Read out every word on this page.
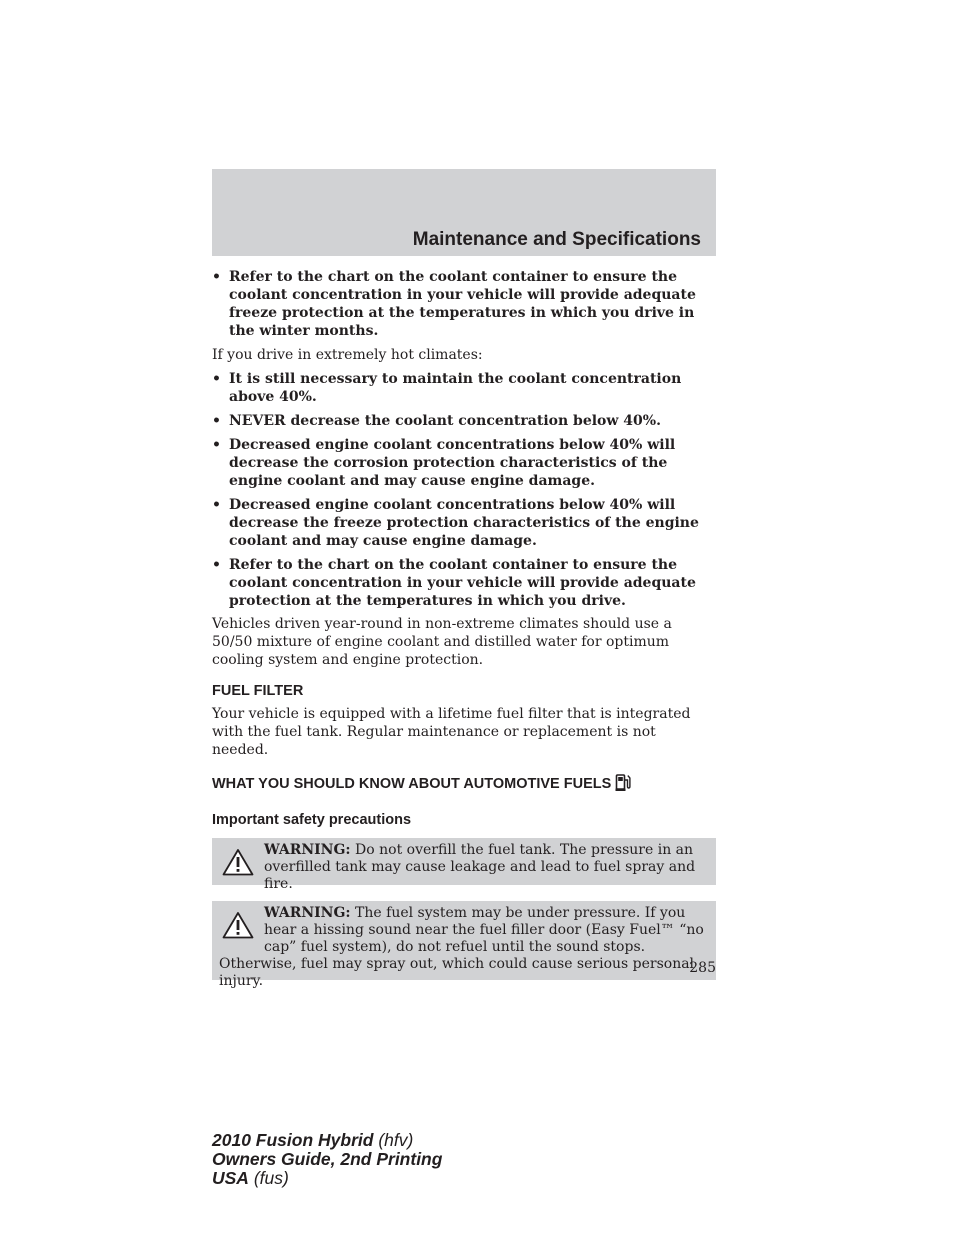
Maintenance and Specifications
• Refer to the chart on the coolant container to ensure the coolant concentration in your vehicle will provide adequate freeze protection at the temperatures in which you drive in the winter months.

If you drive in extremely hot climates:

• It is still necessary to maintain the coolant concentration above 40%.
• NEVER decrease the coolant concentration below 40%.
• Decreased engine coolant concentrations below 40% will decrease the corrosion protection characteristics of the engine coolant and may cause engine damage.
• Decreased engine coolant concentrations below 40% will decrease the freeze protection characteristics of the engine coolant and may cause engine damage.
• Refer to the chart on the coolant container to ensure the coolant concentration in your vehicle will provide adequate protection at the temperatures in which you drive.

Vehicles driven year-round in non-extreme climates should use a 50/50 mixture of engine coolant and distilled water for optimum cooling system and engine protection.

FUEL FILTER

Your vehicle is equipped with a lifetime fuel filter that is integrated with the fuel tank. Regular maintenance or replacement is not needed.

WHAT YOU SHOULD KNOW ABOUT AUTOMOTIVE FUELS
Important safety precautions
WARNING: Do not overfill the fuel tank. The pressure in an overfilled tank may cause leakage and lead to fuel spray and fire.
WARNING: The fuel system may be under pressure. If you hear a hissing sound near the fuel filler door (Easy Fuel™ “no cap” fuel system), do not refuel until the sound stops. Otherwise, fuel may spray out, which could cause serious personal injury.
285
2010 Fusion Hybrid (hfv)
Owners Guide, 2nd Printing
USA (fus)
